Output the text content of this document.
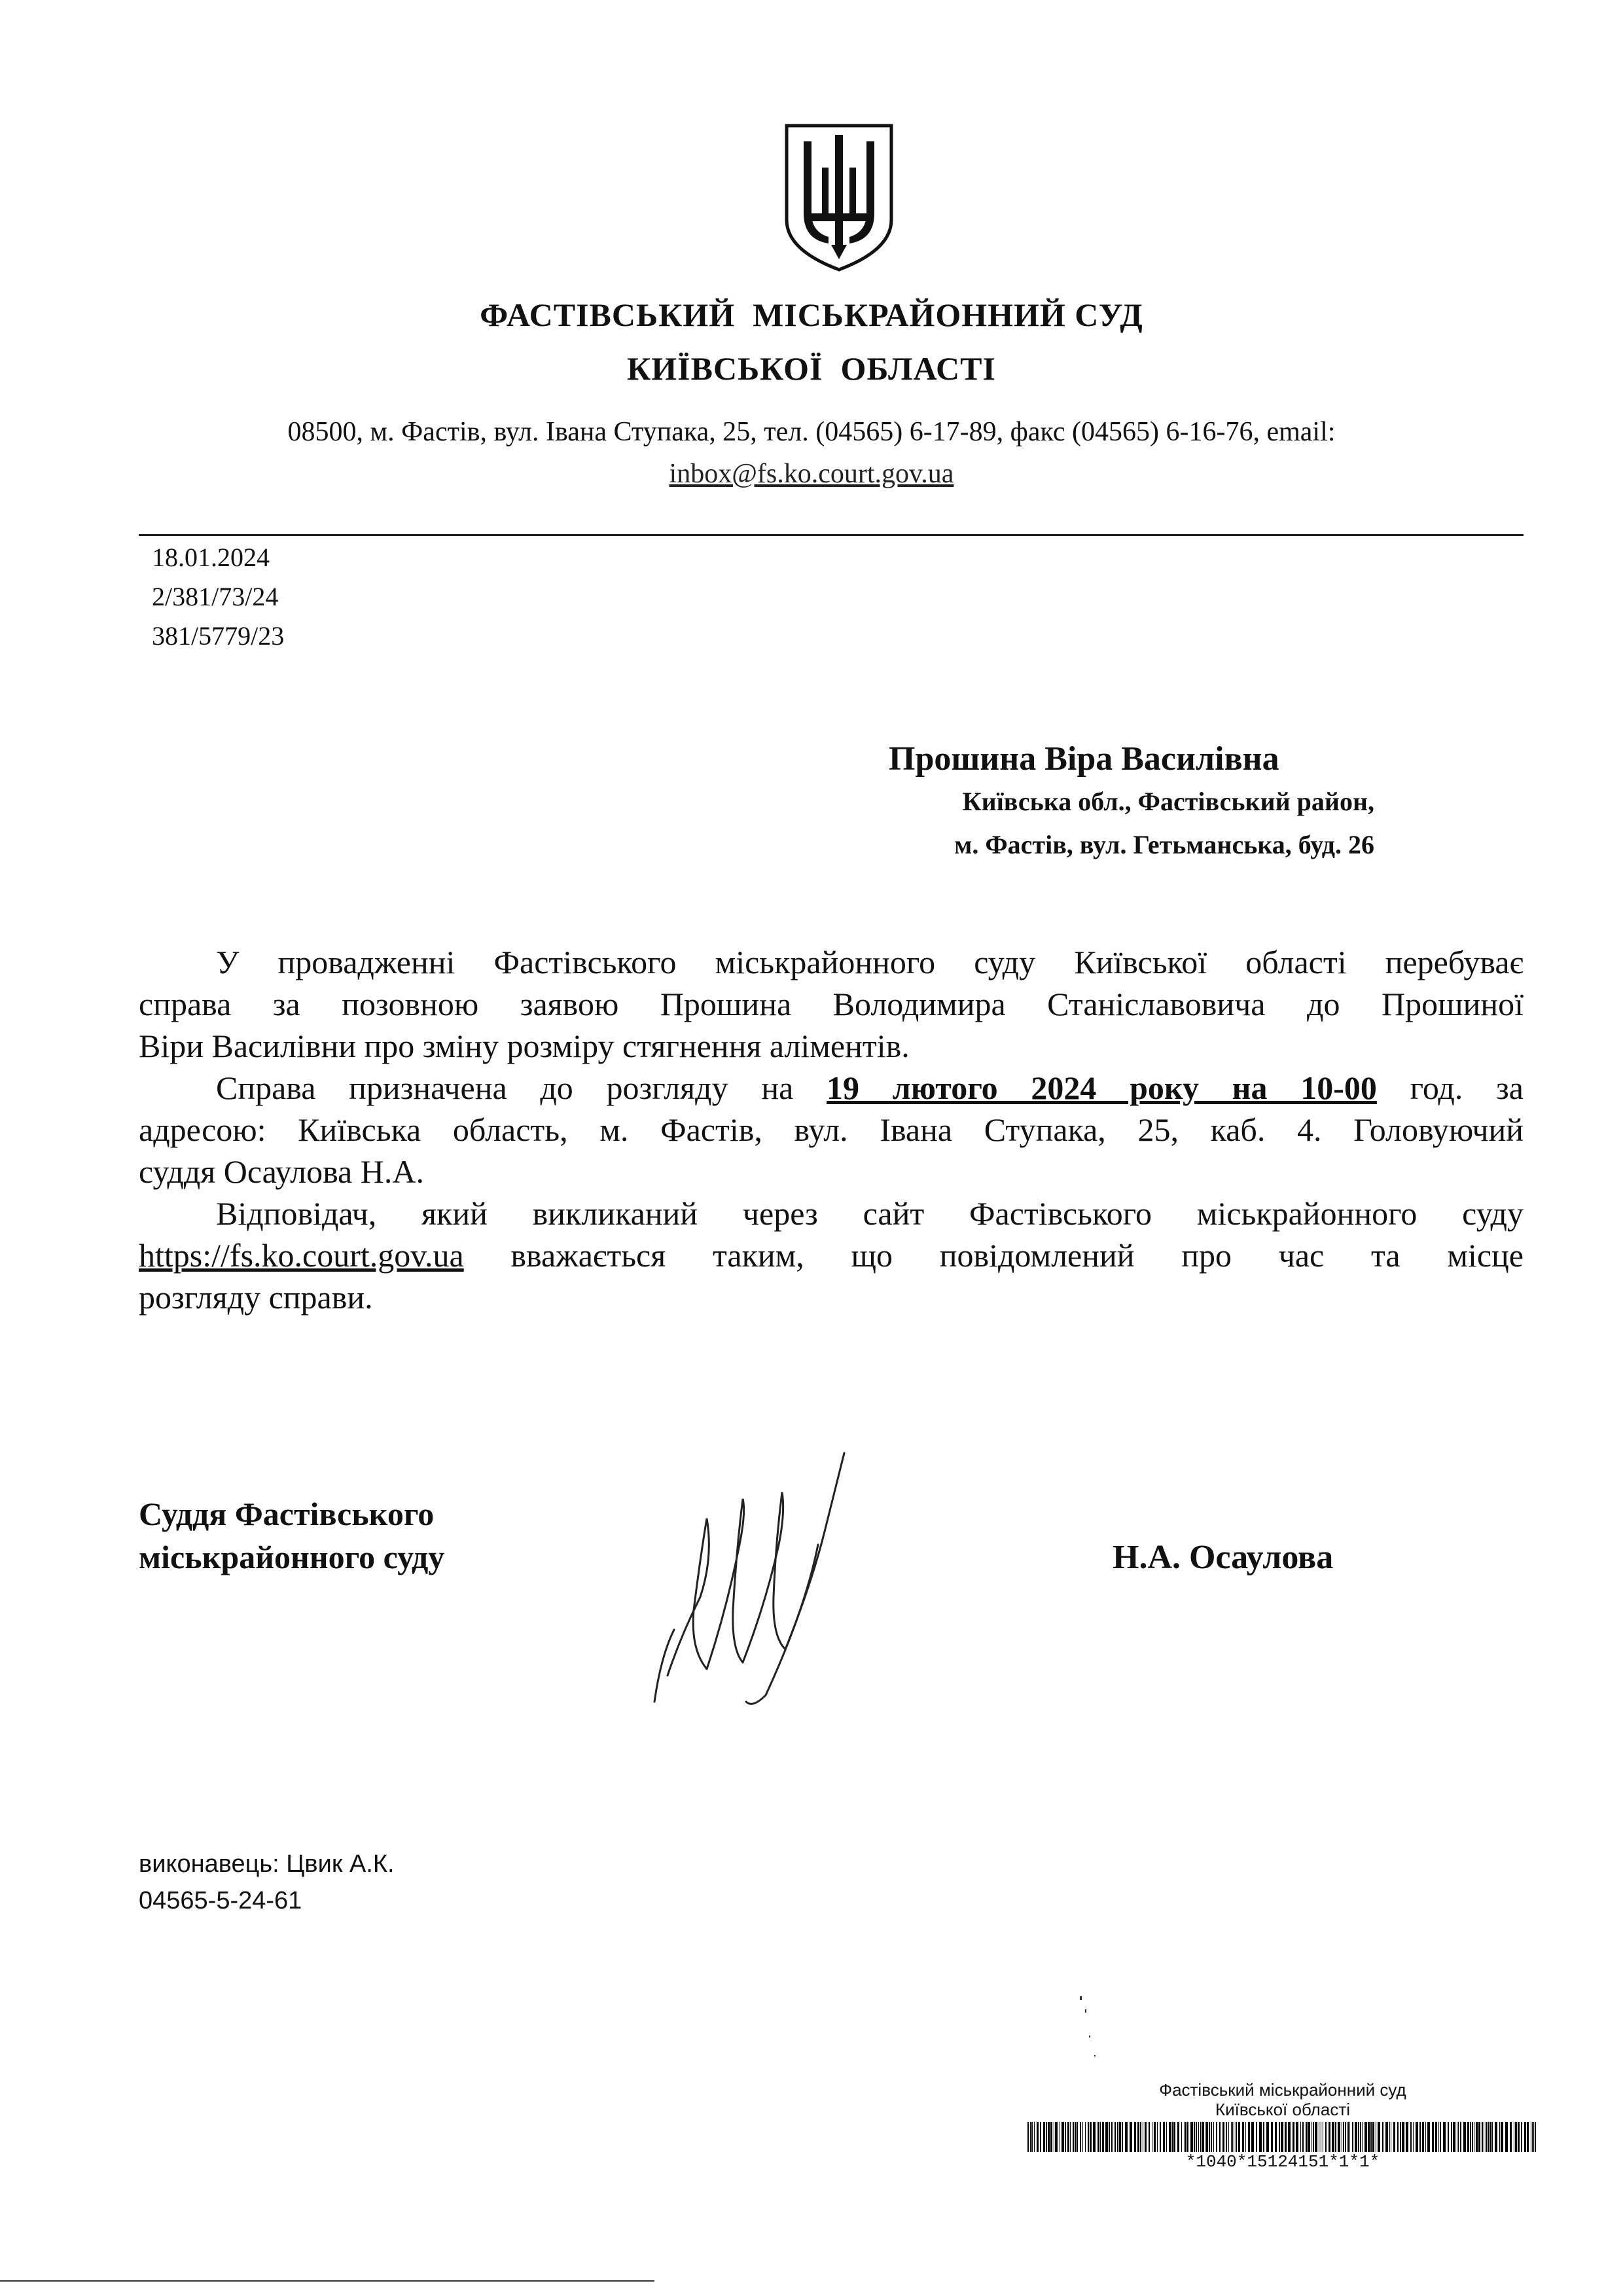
ФАСТІВСЬКИЙ  МІСЬКРАЙОННИЙ СУД
КИЇВСЬКОЇ  ОБЛАСТІ
08500, м. Фастів, вул. Івана Ступака, 25, тел. (04565) 6-17-89, факс (04565) 6-16-76, email:
inbox@fs.ko.court.gov.ua
18.01.2024
2/381/73/24
381/5779/23
Прошина Віра Василівна
Київська обл., Фастівський район,
м. Фастів, вул. Гетьманська, буд. 26

У провадженні Фастівського міськрайонного суду Київської області перебуває

справа за позовною заявою Прошина Володимира Станіславовича до Прошиної

Віри Василівни про зміну розміру стягнення аліментів.

Справа призначена до розгляду на 19 лютого 2024 року на 10-00 год. за

адресою: Київська область, м. Фастів, вул. Івана Ступака, 25, каб. 4. Головуючий

суддя Осаулова Н.А.

Відповідач, який викликаний через сайт Фастівського міськрайонного суду

https://fs.ko.court.gov.ua вважається таким, що повідомлений про час та місце

розгляду справи.

Суддя Фастівського
міськрайонного суду	Н.А. Осаулова
виконавець: Цвик А.К.
04565-5-24-61
Фастівський міськрайонний суд
Київської області
*1040*15124151*1*1*
